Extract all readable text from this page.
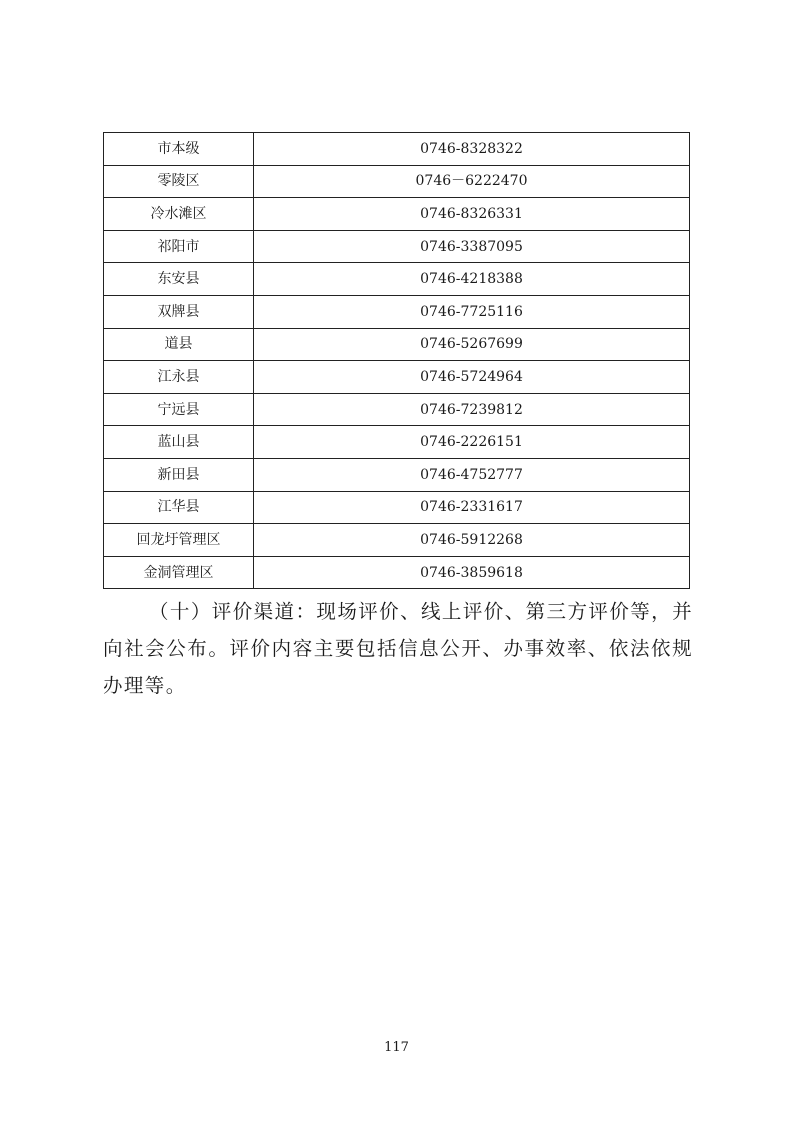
市本级	0746-8328322
零陵区	0746－6222470
冷水滩区	0746-8326331
祁阳市	0746-3387095
东安县	0746-4218388
双牌县	0746-7725116
道县	0746-5267699
江永县	0746-5724964
宁远县	0746-7239812
蓝山县	0746-2226151
新田县	0746-4752777
江华县	0746-2331617
回龙圩管理区	0746-5912268
金洞管理区	0746-3859618

（十）评价渠道：现场评价、线上评价、第三方评价等，并向社会公布。评价内容主要包括信息公开、办事效率、依法依规办理等。

117
